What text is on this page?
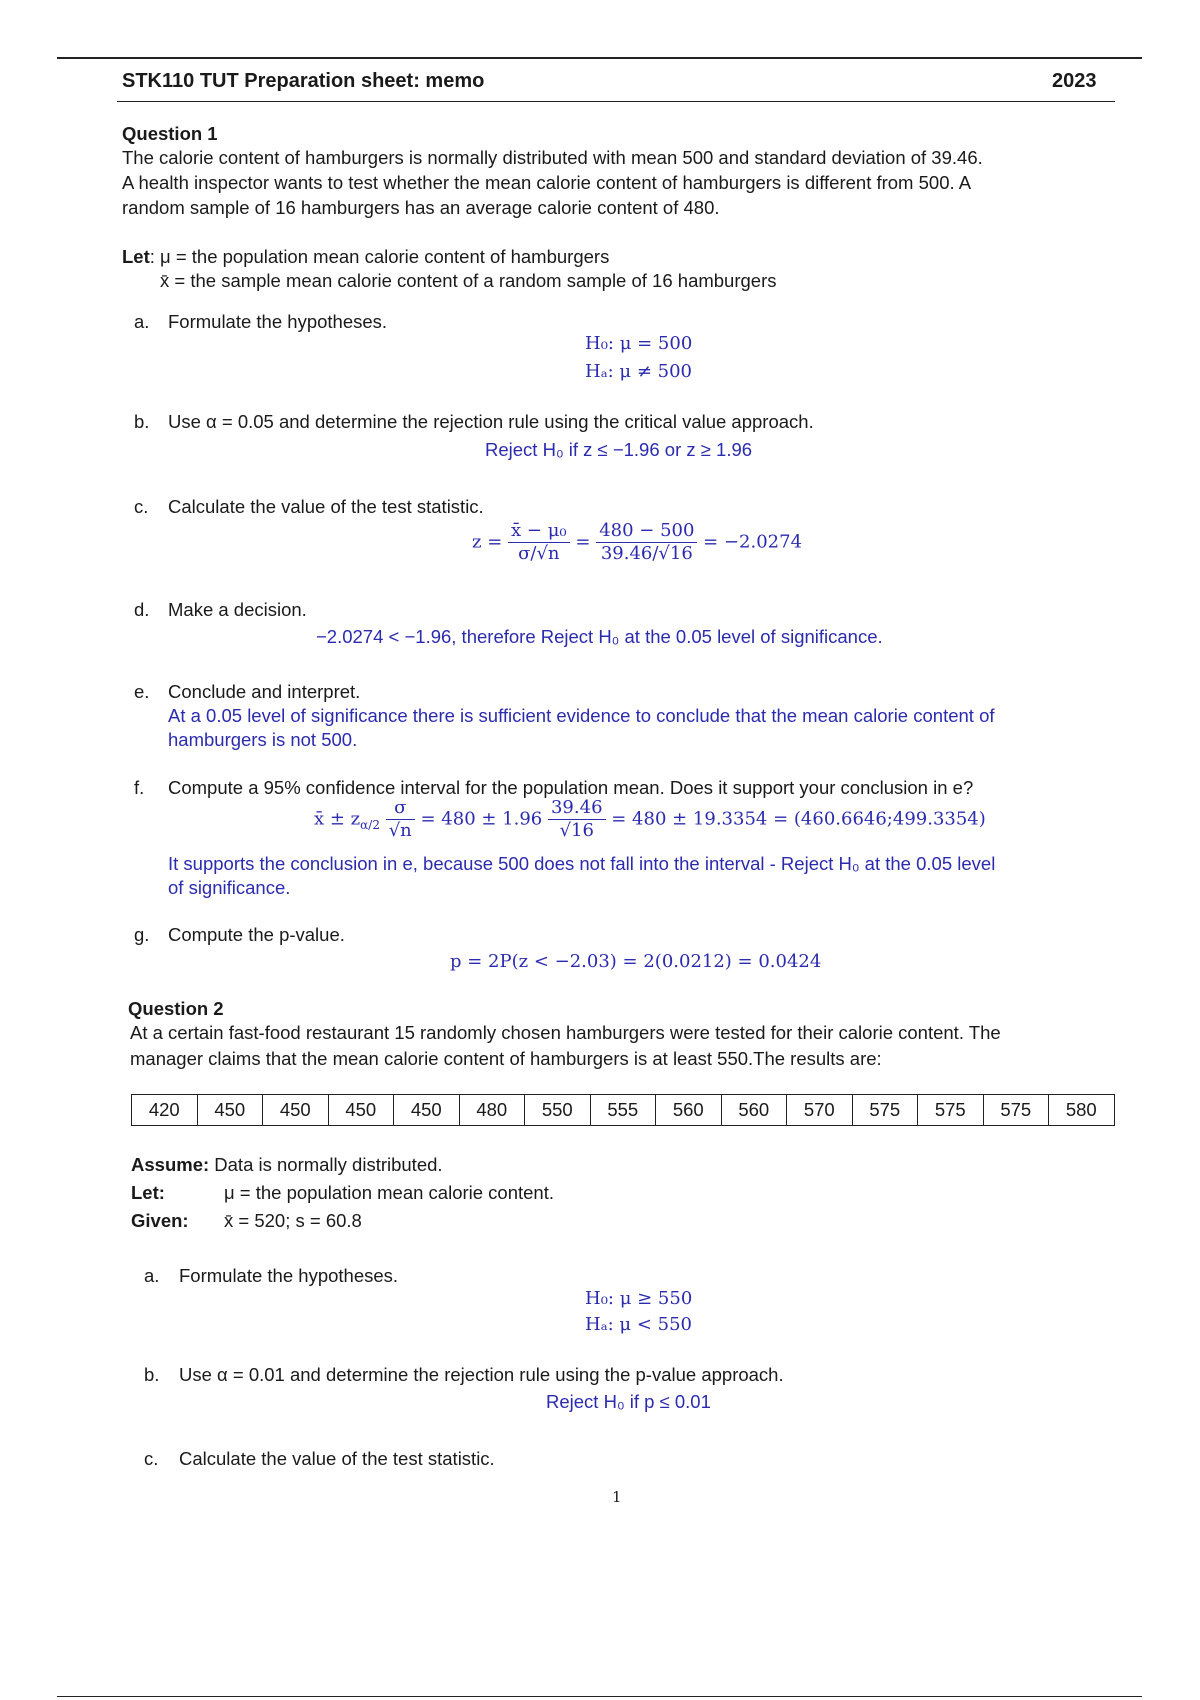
STK110 TUT Preparation sheet: memo	2023
Question 1
The calorie content of hamburgers is normally distributed with mean 500 and standard deviation of 39.46.
A health inspector wants to test whether the mean calorie content of hamburgers is different from 500. A
random sample of 16 hamburgers has an average calorie content of 480.
Let: μ = the population mean calorie content of hamburgers
x̄ = the sample mean calorie content of a random sample of 16 hamburgers
a. Formulate the hypotheses.
H₀: μ = 500
Hₐ: μ ≠ 500
b. Use α = 0.05 and determine the rejection rule using the critical value approach.
Reject H₀ if z ≤ −1.96 or z ≥ 1.96
c. Calculate the value of the test statistic.
$z = \frac{\text{x̄ − μ₀}}{\sigma/√n} = \frac{480 - 500}{39.46/√16} = -2.0274$
d. Make a decision.
−2.0274 < −1.96, therefore Reject H₀ at the 0.05 level of significance.
e. Conclude and interpret.
At a 0.05 level of significance there is sufficient evidence to conclude that the mean calorie content of
hamburgers is not 500.
f. Compute a 95% confidence interval for the population mean. Does it support your conclusion in e?
x̄ ± $z_{\alpha/2} \frac{\sigma}{√n} = 480 \pm 1.96 \frac{39.46}{√16} = 480 \pm 19.3354$ = (460.6646;499.3354)
It supports the conclusion in e, because 500 does not fall into the interval - Reject H₀ at the 0.05 level
of significance.
g. Compute the p-value.
p = 2P(z < −2.03) = 2(0.0212) = 0.0424
Question 2
At a certain fast-food restaurant 15 randomly chosen hamburgers were tested for their calorie content. The
manager claims that the mean calorie content of hamburgers is at least 550.The results are:
420	450	450	450	450	480	550	555	560	560	570	575	575	575	580
Assume: Data is normally distributed.
Let:	μ = the population mean calorie content.
Given: x̄ = 520; s = 60.8
a. Formulate the hypotheses.
H₀: μ ≥ 550
Hₐ: μ < 550
b. Use α = 0.01 and determine the rejection rule using the p-value approach.
Reject H₀ if p ≤ 0.01
c. Calculate the value of the test statistic.
1
